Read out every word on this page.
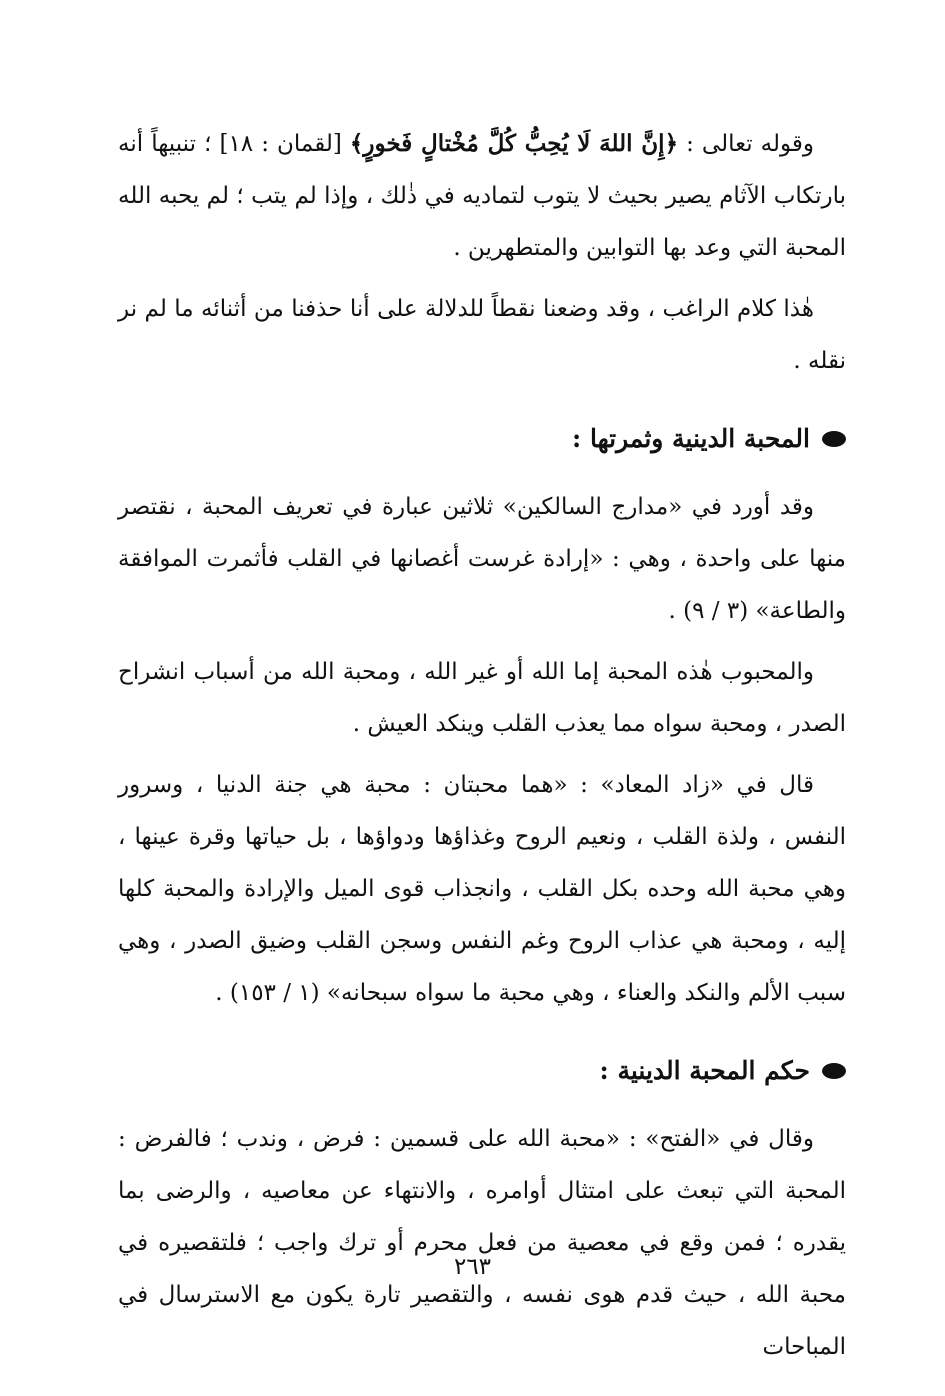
وقوله تعالى : ﴿إِنَّ اللهَ لَا يُحِبُّ كُلَّ مُخْتالٍ فَخورٍ﴾ [لقمان : ١٨] ؛ تنبيهاً أنه بارتكاب الآثام يصير بحيث لا يتوب لتماديه في ذٰلك ، وإذا لم يتب ؛ لم يحبه الله المحبة التي وعد بها التوابين والمتطهرين .

هٰذا كلام الراغب ، وقد وضعنا نقطاً للدلالة على أنا حذفنا من أثنائه ما لم نر نقله .

المحبة الدينية وثمرتها :

وقد أورد في «مدارج السالكين» ثلاثين عبارة في تعريف المحبة ، نقتصر منها على واحدة ، وهي : «إرادة غرست أغصانها في القلب فأثمرت الموافقة والطاعة» (٣ / ٩) .

والمحبوب هٰذه المحبة إما الله أو غير الله ، ومحبة الله من أسباب انشراح الصدر ، ومحبة سواه مما يعذب القلب وينكد العيش .

قال في «زاد المعاد» : «هما محبتان : محبة هي جنة الدنيا ، وسرور النفس ، ولذة القلب ، ونعيم الروح وغذاؤها ودواؤها ، بل حياتها وقرة عينها ، وهي محبة الله وحده بكل القلب ، وانجذاب قوى الميل والإرادة والمحبة كلها إليه ، ومحبة هي عذاب الروح وغم النفس وسجن القلب وضيق الصدر ، وهي سبب الألم والنكد والعناء ، وهي محبة ما سواه سبحانه» (١ / ١٥٣) .

حكم المحبة الدينية :

وقال في «الفتح» : «محبة الله على قسمين : فرض ، وندب ؛ فالفرض : المحبة التي تبعث على امتثال أوامره ، والانتهاء عن معاصيه ، والرضى بما يقدره ؛ فمن وقع في معصية من فعل محرم أو ترك واجب ؛ فلتقصيره في محبة الله ، حيث قدم هوى نفسه ، والتقصير تارة يكون مع الاسترسال في المباحات

٢٦٣
